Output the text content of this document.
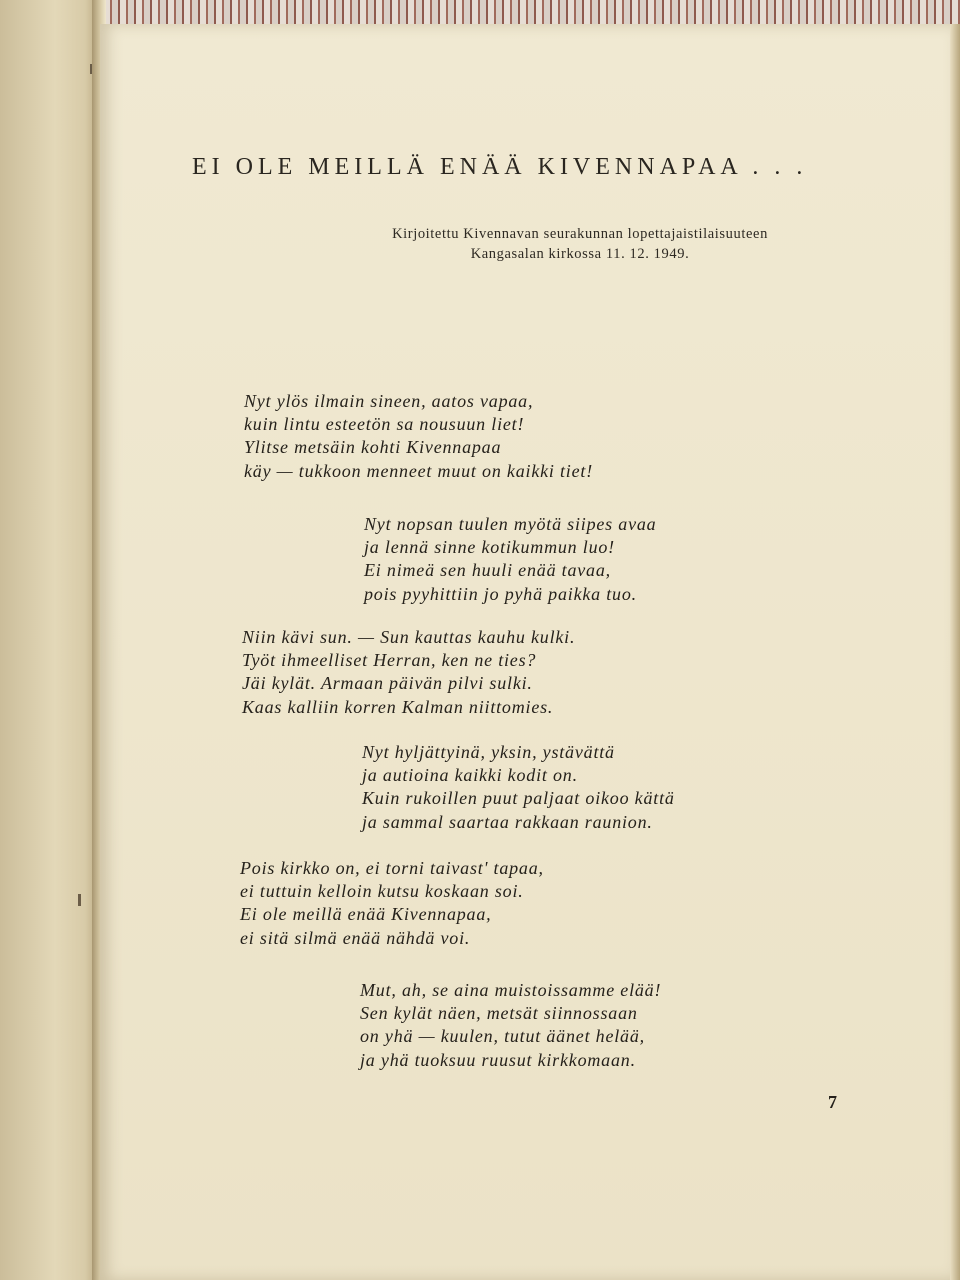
EI OLE MEILLÄ ENÄÄ KIVENNAPAA . . .
Kirjoitettu Kivennavan seurakunnan lopettajaistilaisuuteen
Kangasalan kirkossa 11. 12. 1949.
Nyt ylös ilmain sineen, aatos vapaa,
kuin lintu esteetön sa nousuun liet!
Ylitse metsäin kohti Kivennapaa
käy — tukkoon menneet muut on kaikki tiet!
Nyt nopsan tuulen myötä siipes avaa
ja lennä sinne kotikummun luo!
Ei nimeä sen huuli enää tavaa,
pois pyyhittiin jo pyhä paikka tuo.
Niin kävi sun. — Sun kauttas kauhu kulki.
Työt ihmeelliset Herran, ken ne ties?
Jäi kylät. Armaan päivän pilvi sulki.
Kaas kalliin korren Kalman niittomies.
Nyt hyljättyinä, yksin, ystävättä
ja autioina kaikki kodit on.
Kuin rukoillen puut paljaat oikoo kättä
ja sammal saartaa rakkaan raunion.
Pois kirkko on, ei torni taivast' tapaa,
ei tuttuin kelloin kutsu koskaan soi.
Ei ole meillä enää Kivennapaa,
ei sitä silmä enää nähdä voi.
Mut, ah, se aina muistoissamme elää!
Sen kylät näen, metsät siinnossaan
on yhä — kuulen, tutut äänet helää,
ja yhä tuoksuu ruusut kirkkomaan.
7
